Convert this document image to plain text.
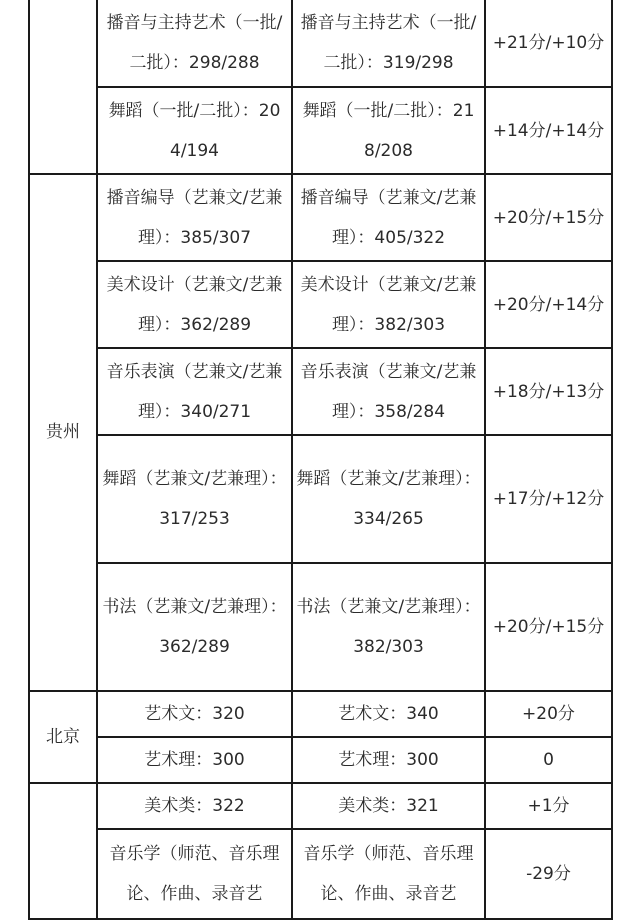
	播音与主持艺术（一批/二批）：298/288	播音与主持艺术（一批/二批）：319/298	+21分/+10分
	舞蹈（一批/二批）：204/194	舞蹈（一批/二批）：218/208	+14分/+14分
贵州	播音编导（艺兼文/艺兼理）：385/307	播音编导（艺兼文/艺兼理）：405/322	+20分/+15分
	美术设计（艺兼文/艺兼理）：362/289	美术设计（艺兼文/艺兼理）：382/303	+20分/+14分
	音乐表演（艺兼文/艺兼理）：340/271	音乐表演（艺兼文/艺兼理）：358/284	+18分/+13分
	舞蹈（艺兼文/艺兼理）：317/253	舞蹈（艺兼文/艺兼理）：334/265	+17分/+12分
	书法（艺兼文/艺兼理）：362/289	书法（艺兼文/艺兼理）：382/303	+20分/+15分
北京	艺术文：320	艺术文：340	+20分
	艺术理：300	艺术理：300	0
	美术类：322	美术类：321	+1分
	音乐学（师范、音乐理论、作曲、录音艺	音乐学（师范、音乐理论、作曲、录音艺	-29分
